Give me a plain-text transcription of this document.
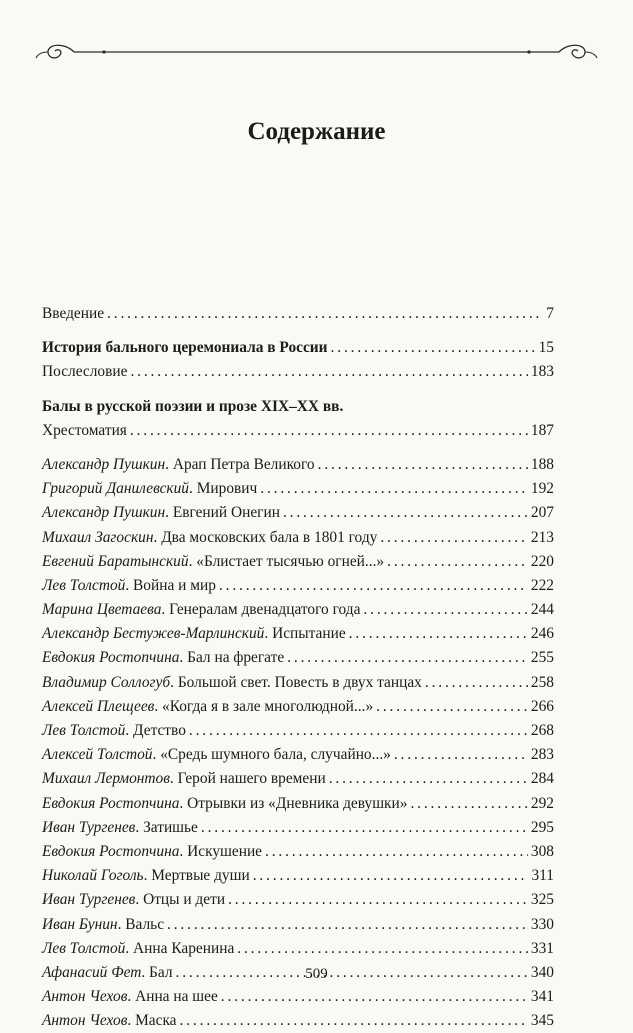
Содержание
Введение . . .	7
История бального церемониала в России . . .	15
Послесловие . . .	183
Балы в русской поэзии и прозе XIX–XX вв.
Хрестоматия . . .	187
Александр Пушкин. Арап Петра Великого . . .	188
Григорий Данилевский. Мирович . . .	192
Александр Пушкин. Евгений Онегин . . .	207
Михаил Загоскин. Два московских бала в 1801 году . . .	213
Евгений Баратынский. «Блистает тысячью огней...» . . .	220
Лев Толстой. Война и мир . . .	222
Марина Цветаева. Генералам двенадцатого года . . .	244
Александр Бестужев-Марлинский. Испытание . . .	246
Евдокия Ростопчина. Бал на фрегате . . .	255
Владимир Соллогуб. Большой свет. Повесть в двух танцах . . .	258
Алексей Плещеев. «Когда я в зале многолюдной...» . . .	266
Лев Толстой. Детство . . .	268
Алексей Толстой. «Средь шумного бала, случайно...» . . .	283
Михаил Лермонтов. Герой нашего времени . . .	284
Евдокия Ростопчина. Отрывки из «Дневника девушки» . . .	292
Иван Тургенев. Затишье . . .	295
Евдокия Ростопчина. Искушение . . .	308
Николай Гоголь. Мертвые души . . .	311
Иван Тургенев. Отцы и дети . . .	325
Иван Бунин. Вальс . . .	330
Лев Толстой. Анна Каренина . . .	331
Афанасий Фет. Бал . . .	340
Антон Чехов. Анна на шее . . .	341
Антон Чехов. Маска . . .	345
509
